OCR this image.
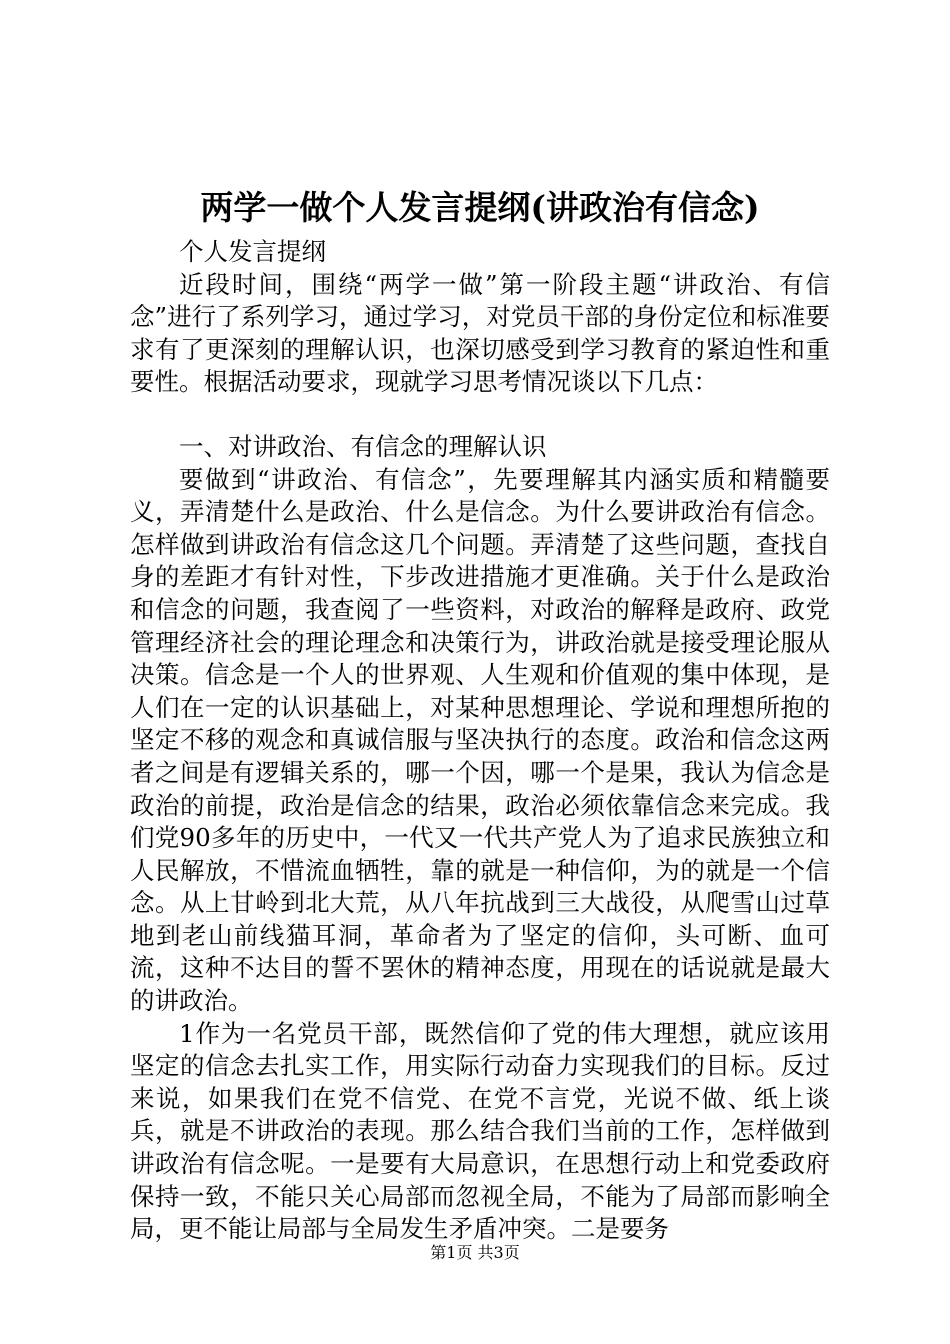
两学一做个人发言提纲(讲政治有信念)

个人发言提纲

近段时间，围绕“两学一做”第一阶段主题“讲政治、有信念”进行了系列学习，通过学习，对党员干部的身份定位和标准要求有了更深刻的理解认识，也深切感受到学习教育的紧迫性和重要性。根据活动要求，现就学习思考情况谈以下几点：

一、对讲政治、有信念的理解认识

要做到“讲政治、有信念”，先要理解其内涵实质和精髓要义，弄清楚什么是政治、什么是信念。为什么要讲政治有信念。怎样做到讲政治有信念这几个问题。弄清楚了这些问题，查找自身的差距才有针对性，下步改进措施才更准确。关于什么是政治和信念的问题，我查阅了一些资料，对政治的解释是政府、政党管理经济社会的理论理念和决策行为，讲政治就是接受理论服从决策。信念是一个人的世界观、人生观和价值观的集中体现，是人们在一定的认识基础上，对某种思想理论、学说和理想所抱的坚定不移的观念和真诚信服与坚决执行的态度。政治和信念这两者之间是有逻辑关系的，哪一个因，哪一个是果，我认为信念是政治的前提，政治是信念的结果，政治必须依靠信念来完成。我们党90多年的历史中，一代又一代共产党人为了追求民族独立和人民解放，不惜流血牺牲，靠的就是一种信仰，为的就是一个信念。从上甘岭到北大荒，从八年抗战到三大战役，从爬雪山过草地到老山前线猫耳洞，革命者为了坚定的信仰，头可断、血可流，这种不达目的誓不罢休的精神态度，用现在的话说就是最大的讲政治。

1作为一名党员干部，既然信仰了党的伟大理想，就应该用坚定的信念去扎实工作，用实际行动奋力实现我们的目标。反过来说，如果我们在党不信党、在党不言党，光说不做、纸上谈兵，就是不讲政治的表现。那么结合我们当前的工作，怎样做到讲政治有信念呢。一是要有大局意识，在思想行动上和党委政府保持一致，不能只关心局部而忽视全局，不能为了局部而影响全局，更不能让局部与全局发生矛盾冲突。二是要务

第1页 共3页
